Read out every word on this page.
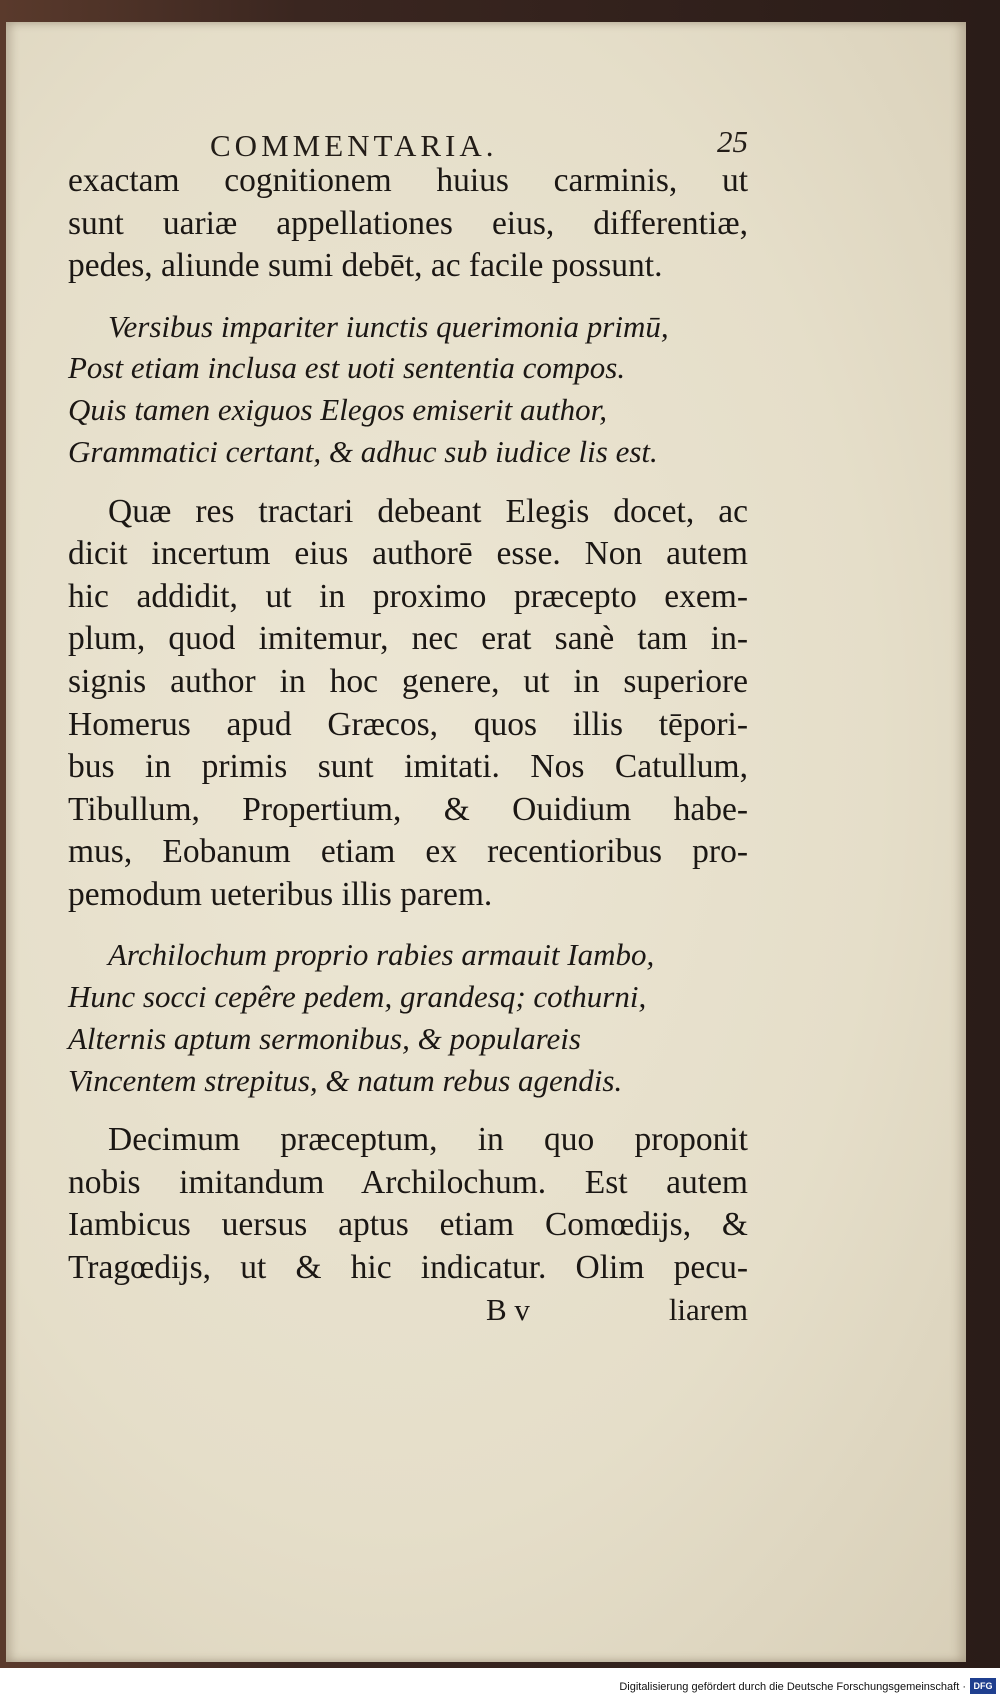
COMMENTARIA.	25
exactam cognitionem huius carminis, ut
sunt uariæ appellationes eius, differentiæ,
pedes, aliunde sumi debēt, ac facile possunt.
Versibus impariter iunctis querimonia primū,
Post etiam inclusa est uoti sententia compos.
Quis tamen exiguos Elegos emiserit author,
Grammatici certant, & adhuc sub iudice lis est.
Quæ res tractari debeant Elegis docet, ac
dicit incertum eius authorē esse. Non autem
hic addidit, ut in proximo præcepto exem-
plum, quod imitemur, nec erat sanè tam in-
signis author in hoc genere, ut in superiore
Homerus apud Græcos, quos illis tēpori-
bus in primis sunt imitati. Nos Catullum,
Tibullum, Propertium, & Ouidium habe-
mus, Eobanum etiam ex recentioribus pro-
pemodum ueteribus illis parem.
Archilochum proprio rabies armauit Iambo,
Hunc socci cepêre pedem, grandesq; cothurni,
Alternis aptum sermonibus, & populareis
Vincentem strepitus, & natum rebus agendis.
Decimum præceptum, in quo proponit
nobis imitandum Archilochum. Est autem
Iambicus uersus aptus etiam Comœdijs, &
Tragœdijs, ut & hic indicatur. Olim pecu-
B v	liarem
Digitalisierung gefördert durch die Deutsche Forschungsgemeinschaft · DFG
